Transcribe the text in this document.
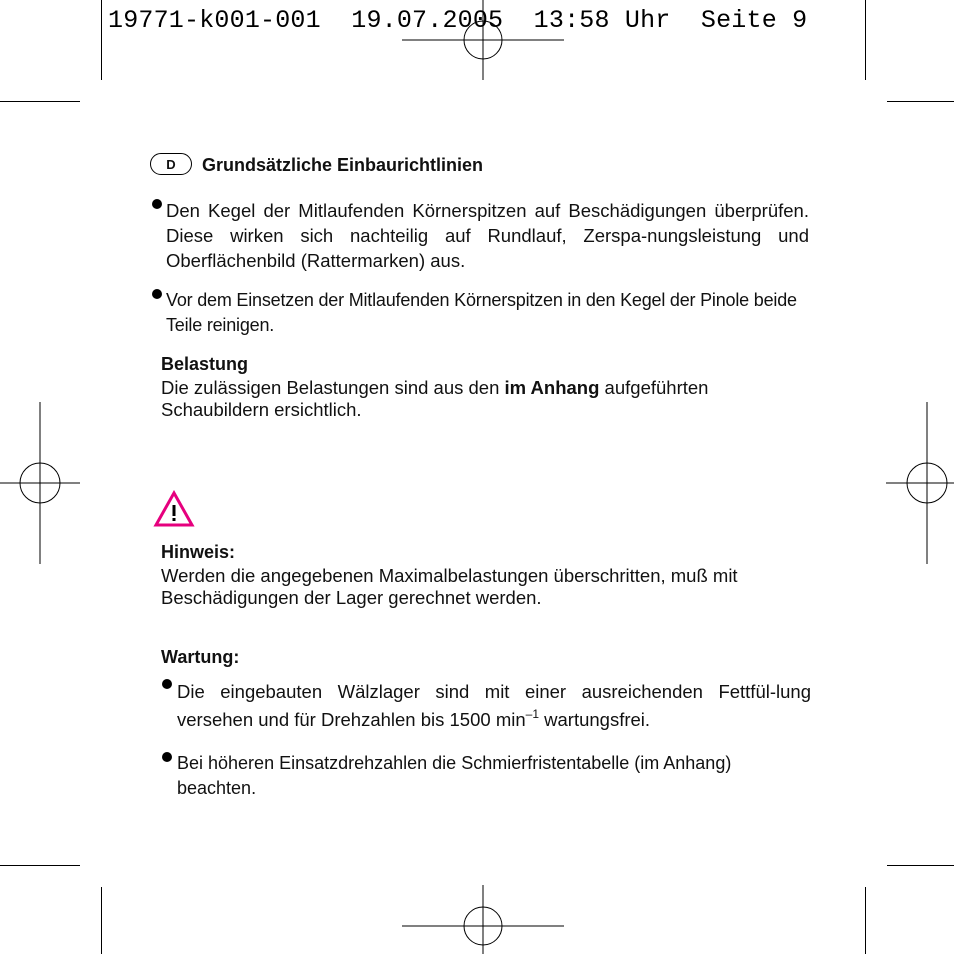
19771-k001-001  19.07.2005  13:58 Uhr  Seite 9
D	Grundsätzliche Einbaurichtlinien
Den Kegel der Mitlaufenden Körnerspitzen auf Beschädigungen überprüfen. Diese wirken sich nachteilig auf Rundlauf, Zerspa-nungsleistung und Oberflächenbild (Rattermarken) aus.
Vor dem Einsetzen der Mitlaufenden Körnerspitzen in den Kegel der Pinole beide Teile reinigen.
Belastung
Die zulässigen Belastungen sind aus den im Anhang aufgeführten Schaubildern ersichtlich.
Hinweis:
Werden die angegebenen Maximalbelastungen überschritten, muß mit Beschädigungen der Lager gerechnet werden.
Wartung:
Die eingebauten Wälzlager sind mit einer ausreichenden Fettfül-lung versehen und für Drehzahlen bis 1500 $\min^{-1}$ wartungsfrei.
Bei höheren Einsatzdrehzahlen die Schmierfristentabelle (im Anhang) beachten.
